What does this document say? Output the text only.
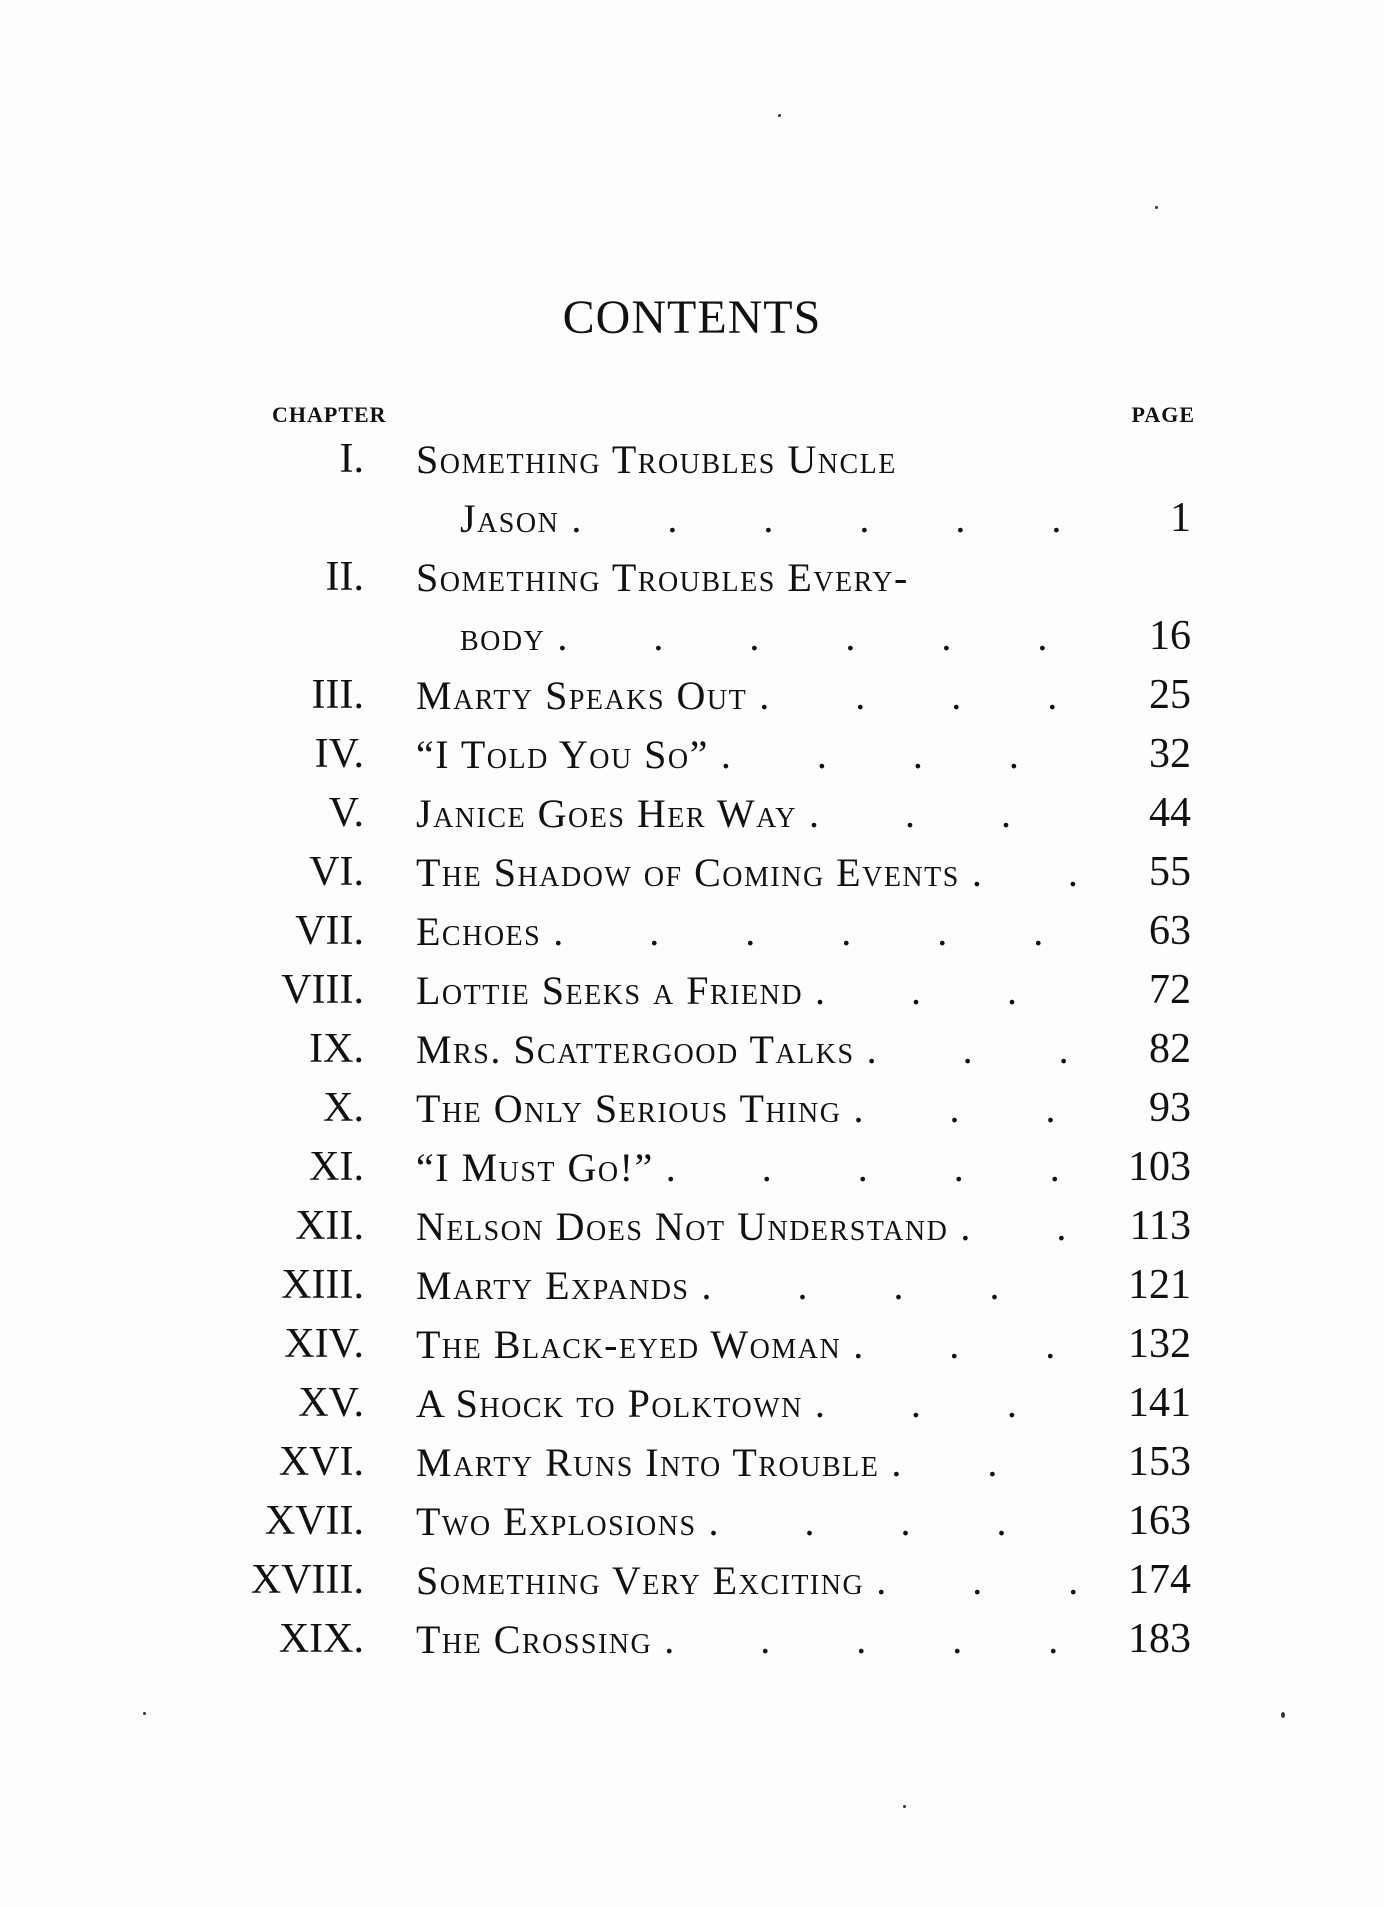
CONTENTS
CHAPTER	PAGE
I. Something Troubles Uncle
Jason . . .	1
II. Something Troubles Every-
body . . .	16
III. Marty Speaks Out . . .	25
IV. “I Told You So” . . .	32
V. Janice Goes Her Way . . .	44
VI. The Shadow of Coming Events . . .	55
VII. Echoes . . .	63
VIII. Lottie Seeks a Friend . . .	72
IX. Mrs. Scattergood Talks . . .	82
X. The Only Serious Thing . . .	93
XI. “I Must Go!” . . .	103
XII. Nelson Does Not Understand . . .	113
XIII. Marty Expands . . .	121
XIV. The Black-eyed Woman . . .	132
XV. A Shock to Polktown . . .	141
XVI. Marty Runs Into Trouble . . .	153
XVII. Two Explosions . . .	163
XVIII. Something Very Exciting . . .	174
XIX. The Crossing . . .	183
